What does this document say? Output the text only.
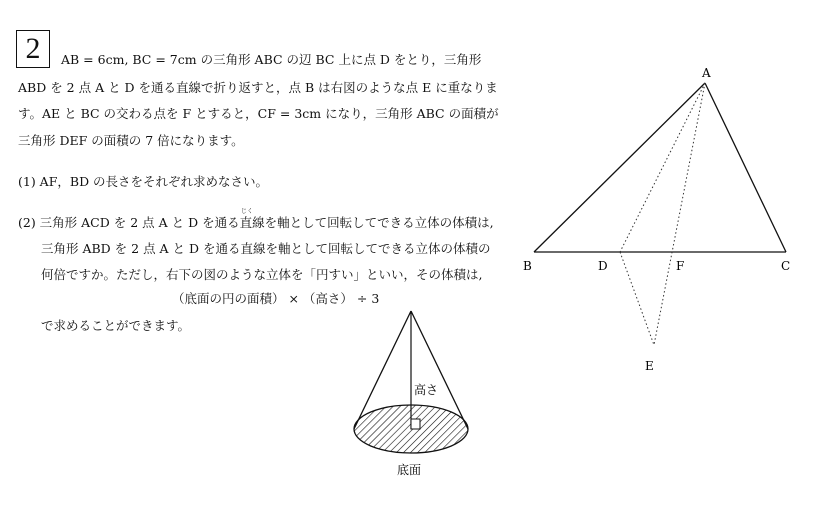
2	AB = 6cm, BC = 7cm の三角形 ABC の辺 BC 上に点 D をとり，三角形
ABD を 2 点 A と D を通る直線で折り返すと，点 B は右図のような点 E に重なりま
す。AE と BC の交わる点を F とすると，CF = 3cm になり，三角形 ABC の面積が
三角形 DEF の面積の 7 倍になります。
(1) AF，BD の長さをそれぞれ求めなさい。
じく
(2) 三角形 ACD を 2 点 A と D を通る直線を軸として回転してできる立体の体積は,
三角形 ABD を 2 点 A と D を通る直線を軸として回転してできる立体の体積の
何倍ですか。ただし，右下の図のような立体を「円すい」といい，その体積は,
（底面の円の面積） × （高さ） ÷ 3
で求めることができます。
A
B	D	F	C
E
高さ
底面
